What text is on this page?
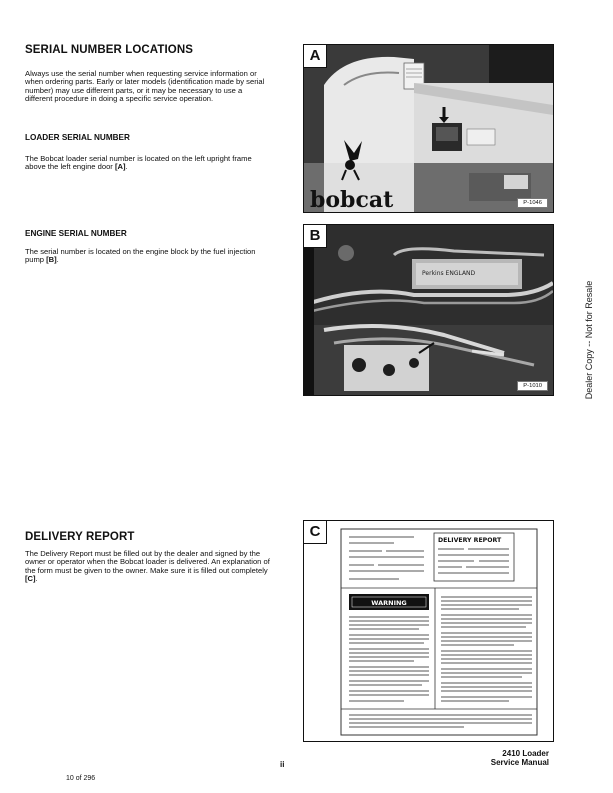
SERIAL NUMBER LOCATIONS

Always use the serial number when requesting service information or when ordering parts. Early or later models (identification made by serial number) may use different parts, or it may be necessary to use a different procedure in doing a specific service operation.

LOADER SERIAL NUMBER

The Bobcat loader serial number is located on the left upright frame above the left engine door [A].

ENGINE SERIAL NUMBER

The serial number is located on the engine block by the fuel injection pump [B].

DELIVERY REPORT

The Delivery Report must be filled out by the dealer and signed by the owner or operator when the Bobcat loader is delivered. An explanation of the form must be given to the owner. Make sure it is filled out completely [C].

A
bobcat	P-1046
B
Perkins ENGLAND
P-1010
C
DELIVERY REPORT
WARNING
Dealer Copy -- Not for Resale
ii
2410 Loader
Service Manual
10 of 296
